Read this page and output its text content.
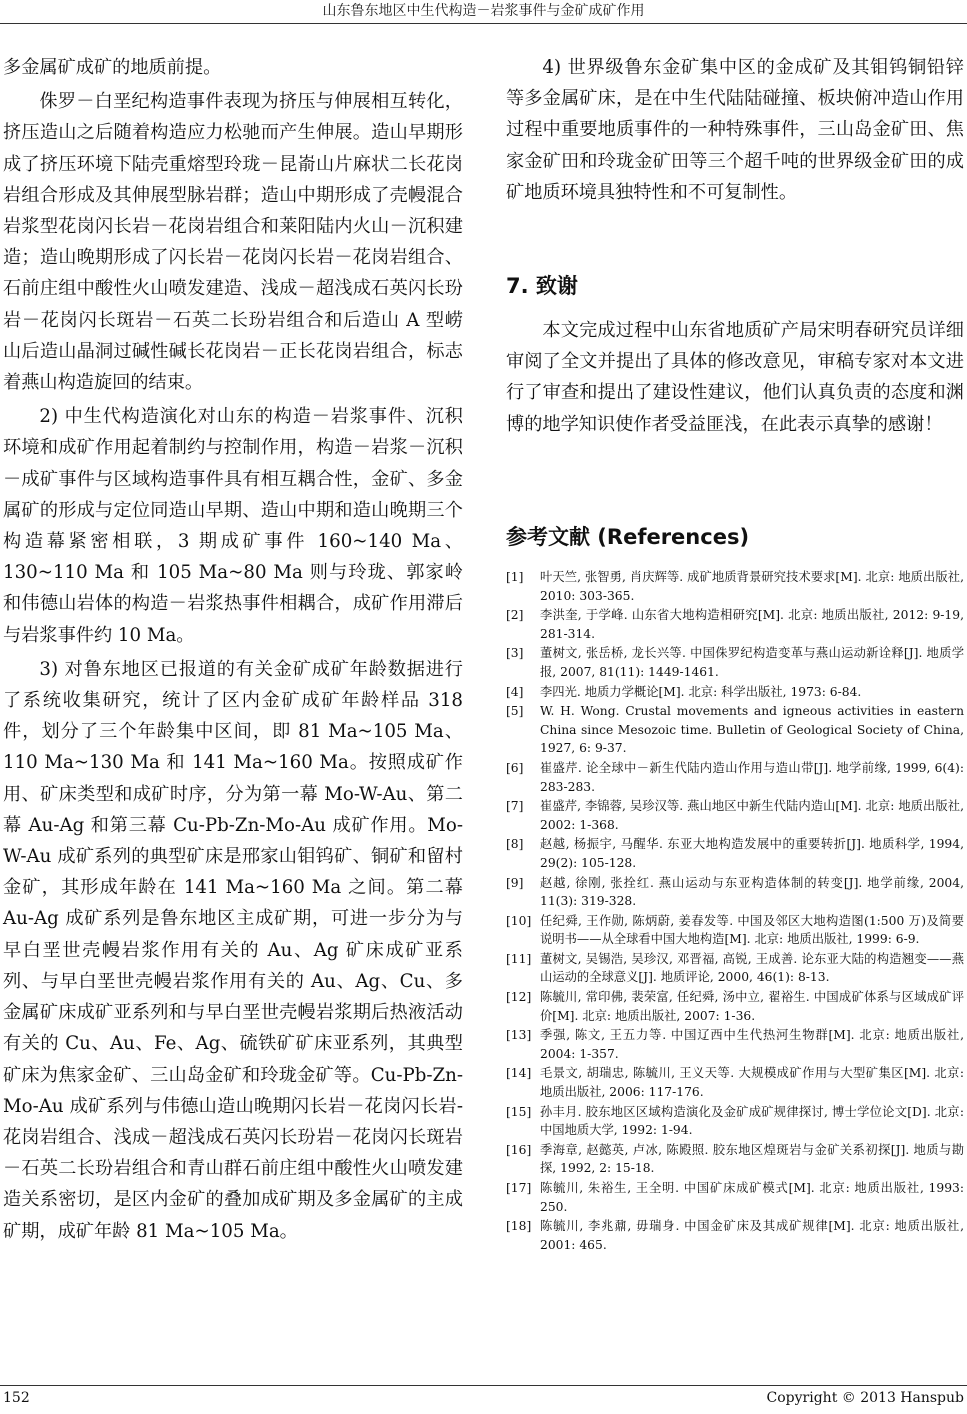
山东鲁东地区中生代构造－岩浆事件与金矿成矿作用

多金属矿成矿的地质前提。

侏罗－白垩纪构造事件表现为挤压与伸展相互转化，挤压造山之后随着构造应力松驰而产生伸展。造山早期形成了挤压环境下陆壳重熔型玲珑－昆嵛山片麻状二长花岗岩组合形成及其伸展型脉岩群；造山中期形成了壳幔混合岩浆型花岗闪长岩－花岗岩组合和莱阳陆内火山－沉积建造；造山晚期形成了闪长岩－花岗闪长岩－花岗岩组合、石前庄组中酸性火山喷发建造、浅成－超浅成石英闪长玢岩－花岗闪长斑岩－石英二长玢岩组合和后造山 A 型崂山后造山晶洞过碱性碱长花岗岩－正长花岗岩组合，标志着燕山构造旋回的结束。

2) 中生代构造演化对山东的构造－岩浆事件、沉积环境和成矿作用起着制约与控制作用，构造－岩浆－沉积－成矿事件与区域构造事件具有相互耦合性，金矿、多金属矿的形成与定位同造山早期、造山中期和造山晚期三个构造幕紧密相联，3 期成矿事件 160~140 Ma、130~110 Ma 和 105 Ma~80 Ma 则与玲珑、郭家岭和伟德山岩体的构造－岩浆热事件相耦合，成矿作用滞后与岩浆事件约 10 Ma。

3) 对鲁东地区已报道的有关金矿成矿年龄数据进行了系统收集研究，统计了区内金矿成矿年龄样品 318 件，划分了三个年龄集中区间，即 81 Ma~105 Ma、110 Ma~130 Ma 和 141 Ma~160 Ma。按照成矿作用、矿床类型和成矿时序，分为第一幕 Mo-W-Au、第二幕 Au-Ag 和第三幕 Cu-Pb-Zn-Mo-Au 成矿作用。Mo-W-Au 成矿系列的典型矿床是邢家山钼钨矿、铜矿和留村金矿，其形成年龄在 141 Ma~160 Ma 之间。第二幕 Au-Ag 成矿系列是鲁东地区主成矿期，可进一步分为与早白垩世壳幔岩浆作用有关的 Au、Ag 矿床成矿亚系列、与早白垩世壳幔岩浆作用有关的 Au、Ag、Cu、多金属矿床成矿亚系列和与早白垩世壳幔岩浆期后热液活动有关的 Cu、Au、Fe、Ag、硫铁矿矿床亚系列，其典型矿床为焦家金矿、三山岛金矿和玲珑金矿等。Cu-Pb-Zn-Mo-Au 成矿系列与伟德山造山晚期闪长岩－花岗闪长岩-花岗岩组合、浅成－超浅成石英闪长玢岩－花岗闪长斑岩－石英二长玢岩组合和青山群石前庄组中酸性火山喷发建造关系密切，是区内金矿的叠加成矿期及多金属矿的主成矿期，成矿年龄 81 Ma~105 Ma。

4) 世界级鲁东金矿集中区的金成矿及其钼钨铜铅锌等多金属矿床，是在中生代陆陆碰撞、板块俯冲造山作用过程中重要地质事件的一种特殊事件，三山岛金矿田、焦家金矿田和玲珑金矿田等三个超千吨的世界级金矿田的成矿地质环境具独特性和不可复制性。

7. 致谢

本文完成过程中山东省地质矿产局宋明春研究员详细审阅了全文并提出了具体的修改意见，审稿专家对本文进行了审查和提出了建设性建议，他们认真负责的态度和渊博的地学知识使作者受益匪浅，在此表示真挚的感谢！

参考文献 (References)
[1]	叶天竺, 张智勇, 肖庆辉等. 成矿地质背景研究技术要求[M]. 北京: 地质出版社, 2010: 303-365.
[2]	李洪奎, 于学峰. 山东省大地构造相研究[M]. 北京: 地质出版社, 2012: 9-19, 281-314.
[3]	董树文, 张岳桥, 龙长兴等. 中国侏罗纪构造变革与燕山运动新诠释[J]. 地质学报, 2007, 81(11): 1449-1461.
[4]	李四光. 地质力学概论[M]. 北京: 科学出版社, 1973: 6-84.
[5]	W. H. Wong. Crustal movements and igneous activities in eastern China since Mesozoic time. Bulletin of Geological Society of China, 1927, 6: 9-37.
[6]	崔盛芹. 论全球中－新生代陆内造山作用与造山带[J]. 地学前缘, 1999, 6(4): 283-283.
[7]	崔盛芹, 李锦蓉, 吴珍汉等. 燕山地区中新生代陆内造山[M]. 北京: 地质出版社, 2002: 1-368.
[8]	赵越, 杨振宇, 马醒华. 东亚大地构造发展中的重要转折[J]. 地质科学, 1994, 29(2): 105-128.
[9]	赵越, 徐刚, 张拴红. 燕山运动与东亚构造体制的转变[J]. 地学前缘, 2004, 11(3): 319-328.
[10] 任纪舜, 王作勋, 陈炳蔚, 姜春发等. 中国及邻区大地构造图(1:500 万)及简要说明书——从全球看中国大地构造[M]. 北京: 地质出版社, 1999: 6-9.
[11] 董树文, 吴锡浩, 吴珍汉, 邓晋福, 高锐, 王成善. 论东亚大陆的构造翘变——燕山运动的全球意义[J]. 地质评论, 2000, 46(1): 8-13.
[12] 陈毓川, 常印佛, 裴荣富, 任纪舜, 汤中立, 翟裕生. 中国成矿体系与区域成矿评价[M]. 北京: 地质出版社, 2007: 1-36.
[13] 季强, 陈文, 王五力等. 中国辽西中生代热河生物群[M]. 北京: 地质出版社, 2004: 1-357.
[14] 毛景文, 胡瑞忠, 陈毓川, 王义天等. 大规模成矿作用与大型矿集区[M]. 北京: 地质出版社, 2006: 117-176.
[15] 孙丰月. 胶东地区区域构造演化及金矿成矿规律探讨, 博士学位论文[D]. 北京: 中国地质大学, 1992: 1-94.
[16] 季海章, 赵懿英, 卢冰, 陈殿照. 胶东地区煌斑岩与金矿关系初探[J]. 地质与勘探, 1992, 2: 15-18.
[17] 陈毓川, 朱裕生, 王全明. 中国矿床成矿模式[M]. 北京: 地质出版社, 1993: 250.
[18] 陈毓川, 李兆鼐, 毋瑞身. 中国金矿床及其成矿规律[M]. 北京: 地质出版社, 2001: 465.
152	Copyright © 2013 Hanspub
